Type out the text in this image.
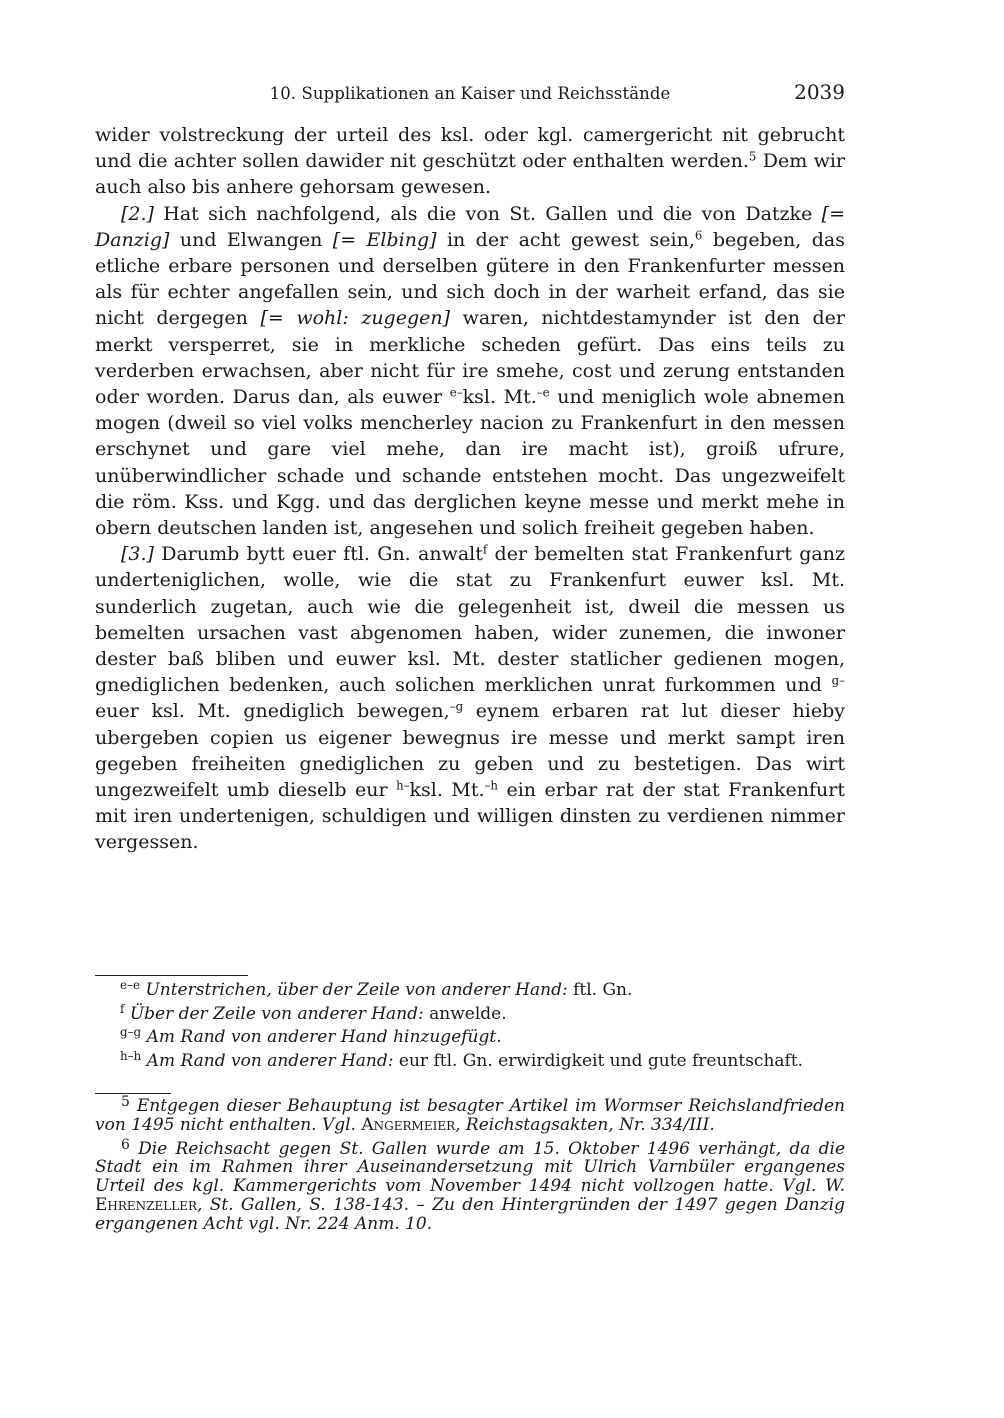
10. Supplikationen an Kaiser und Reichsstände	2039

wider volstreckung der urteil des ksl. oder kgl. camergericht nit gebrucht und die achter sollen dawider nit geschützt oder enthalten werden.$^5$ Dem wir auch also bis anhere gehorsam gewesen.

[2.] Hat sich nachfolgend, als die von St. Gallen und die von Datzke [= Danzig] und Elwangen [= Elbing] in der acht gewest sein,$^6$ begeben, das etliche erbare personen und derselben gütere in den Frankenfurter messen als für echter angefallen sein, und sich doch in der warheit erfand, das sie nicht dergegen [= wohl: zugegen] waren, nichtdestamynder ist den der merkt versperret, sie in merkliche scheden gefürt. Das eins teils zu verderben erwachsen, aber nicht für ire smehe, cost und zerung entstanden oder worden. Darus dan, als euwer $^{e-}$ksl. Mt.$^{-e}$ und meniglich wole abnemen mogen (dweil so viel volks mencherley nacion zu Frankenfurt in den messen erschynet und gare viel mehe, dan ire macht ist), groiß ufrure, unüberwindlicher schade und schande entstehen mocht. Das ungezweifelt die röm. Kss. und Kgg. und das derglichen keyne messe und merkt mehe in obern deutschen landen ist, angesehen und solich freiheit gegeben haben.

[3.] Darumb bytt euer ftl. Gn. anwalt$^f$ der bemelten stat Frankenfurt ganz underteniglichen, wolle, wie die stat zu Frankenfurt euwer ksl. Mt. sunderlich zugetan, auch wie die gelegenheit ist, dweil die messen us bemelten ursachen vast abgenomen haben, wider zunemen, die inwoner dester baß bliben und euwer ksl. Mt. dester statlicher gedienen mogen, gnediglichen bedenken, auch solichen merklichen unrat furkommen und $^{g-}$euer ksl. Mt. gnediglich bewegen,$^{-g}$ eynem erbaren rat lut dieser hieby ubergeben copien us eigener bewegnus ire messe und merkt sampt iren gegeben freiheiten gnediglichen zu geben und zu bestetigen. Das wirt ungezweifelt umb dieselb eur $^{h-}$ksl. Mt.$^{-h}$ ein erbar rat der stat Frankenfurt mit iren undertenigen, schuldigen und willigen dinsten zu verdienen nimmer vergessen.

$^{e-e}$ Unterstrichen, über der Zeile von anderer Hand: ftl. Gn.

$^f$ Über der Zeile von anderer Hand: anwelde.

$^{g-g}$ Am Rand von anderer Hand hinzugefügt.

$^{h-h}$ Am Rand von anderer Hand: eur ftl. Gn. erwirdigkeit und gute freuntschaft.

$^5$ Entgegen dieser Behauptung ist besagter Artikel im Wormser Reichslandfrieden von 1495 nicht enthalten. Vgl. Angermeier, Reichstagsakten, Nr. 334/III.

$^6$ Die Reichsacht gegen St. Gallen wurde am 15. Oktober 1496 verhängt, da die Stadt ein im Rahmen ihrer Auseinandersetzung mit Ulrich Varnbüler ergangenes Urteil des kgl. Kammergerichts vom November 1494 nicht vollzogen hatte. Vgl. W. Ehrenzeller, St. Gallen, S. 138-143. – Zu den Hintergründen der 1497 gegen Danzig ergangenen Acht vgl. Nr. 224 Anm. 10.
